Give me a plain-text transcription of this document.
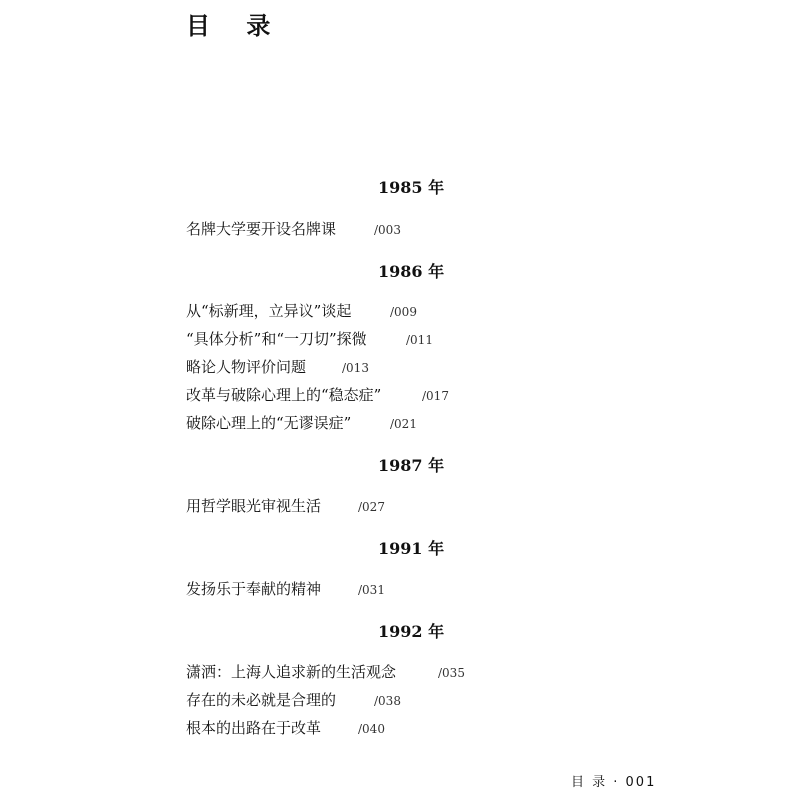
目 录
1985 年
名牌大学要开设名牌课	/003
1986 年
从“标新理，立异议”谈起	/009
“具体分析”和“一刀切”探微	/011
略论人物评价问题	/013
改革与破除心理上的“稳态症”	/017
破除心理上的“无谬误症”	/021
1987 年
用哲学眼光审视生活	/027
1991 年
发扬乐于奉献的精神	/031
1992 年
潇洒：上海人追求新的生活观念	/035
存在的未必就是合理的	/038
根本的出路在于改革	/040
目 录 · 001
